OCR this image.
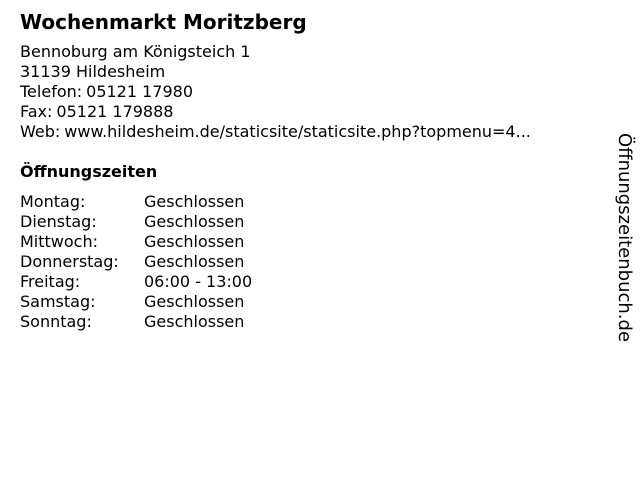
Wochenmarkt Moritzberg
Bennoburg am Königsteich 1
31139 Hildesheim
Telefon: 05121 17980
Fax: 05121 179888
Web: www.hildesheim.de/staticsite/staticsite.php?topmenu=4...
Öffnungszeiten
Montag:	Geschlossen
Dienstag:	Geschlossen
Mittwoch:	Geschlossen
Donnerstag:	Geschlossen
Freitag:	06:00 - 13:00
Samstag:	Geschlossen
Sonntag:	Geschlossen	Öffnungszeitenbuch.de
